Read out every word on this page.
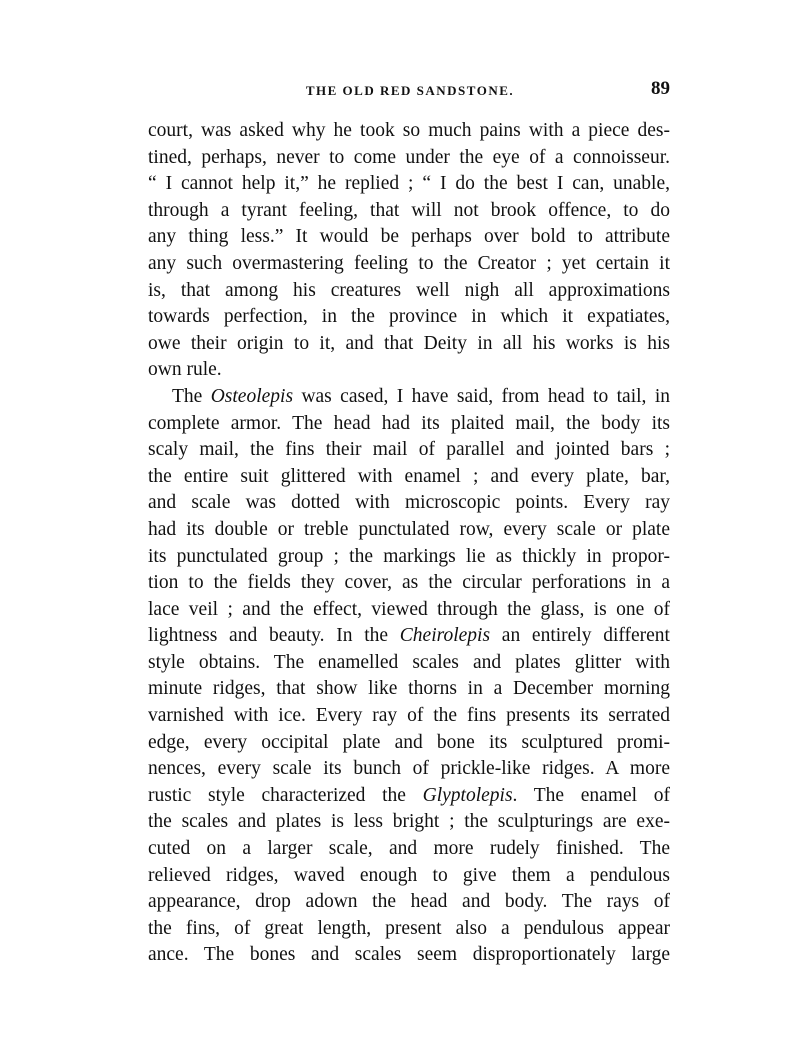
THE OLD RED SANDSTONE.	89
court, was asked why he took so much pains with a piece des-
tined, perhaps, never to come under the eye of a connoisseur.
“ I cannot help it,” he replied ; “ I do the best I can, unable,
through a tyrant feeling, that will not brook offence, to do
any thing less.” It would be perhaps over bold to attribute
any such overmastering feeling to the Creator ; yet certain it
is, that among his creatures well nigh all approximations
towards perfection, in the province in which it expatiates,
owe their origin to it, and that Deity in all his works is his
own rule.
The Osteolepis was cased, I have said, from head to tail, in
complete armor. The head had its plaited mail, the body its
scaly mail, the fins their mail of parallel and jointed bars ;
the entire suit glittered with enamel ; and every plate, bar,
and scale was dotted with microscopic points. Every ray
had its double or treble punctulated row, every scale or plate
its punctulated group ; the markings lie as thickly in propor-
tion to the fields they cover, as the circular perforations in a
lace veil ; and the effect, viewed through the glass, is one of
lightness and beauty. In the Cheirolepis an entirely different
style obtains. The enamelled scales and plates glitter with
minute ridges, that show like thorns in a December morning
varnished with ice. Every ray of the fins presents its serrated
edge, every occipital plate and bone its sculptured promi-
nences, every scale its bunch of prickle-like ridges. A more
rustic style characterized the Glyptolepis. The enamel of
the scales and plates is less bright ; the sculpturings are exe-
cuted on a larger scale, and more rudely finished. The
relieved ridges, waved enough to give them a pendulous
appearance, drop adown the head and body. The rays of
the fins, of great length, present also a pendulous appear
ance. The bones and scales seem disproportionately large
